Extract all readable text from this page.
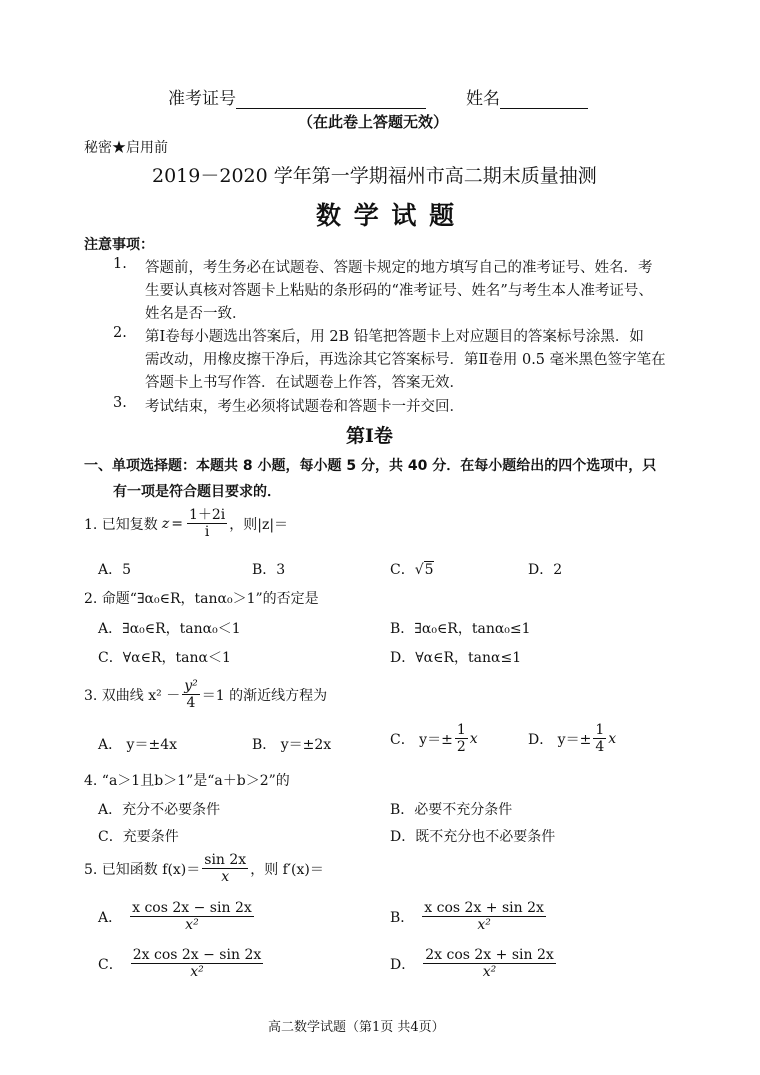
准考证号	姓名
（在此卷上答题无效）
秘密★启用前
2019－2020 学年第一学期福州市高二期末质量抽测
数 学 试 题
注意事项：
1. 答题前，考生务必在试题卷、答题卡规定的地方填写自己的准考证号、姓名．考
生要认真核对答题卡上粘贴的条形码的“准考证号、姓名”与考生本人准考证号、
姓名是否一致．
2. 第Ⅰ卷每小题选出答案后，用 2B 铅笔把答题卡上对应题目的答案标号涂黑．如
需改动，用橡皮擦干净后，再选涂其它答案标号．第Ⅱ卷用 0.5 毫米黑色签字笔在
答题卡上书写作答．在试题卷上作答，答案无效．
3. 考试结束，考生必须将试题卷和答题卡一并交回．
第Ⅰ卷
一、单项选择题：本题共 8 小题，每小题 5 分，共 40 分．在每小题给出的四个选项中，只
有一项是符合题目要求的．
1. 已知复数 $z = \frac{1+2i}{i}$ ，则|z|＝
A．5	B．3	C．√5	D．2
2. 命题“∃α₀∈R，tanα₀＞1”的否定是
A．∃α₀∈R，tanα₀＜1	B．∃α₀∈R，tanα₀≤1
C．∀α∈R，tanα＜1	D．∀α∈R，tanα≤1
3. 双曲线 $x^2 - \frac{\text{y²}}{4} =1$ 的渐近线方程为
A． y＝±4x	B． y＝±2x	C． $y=\pm \frac{1}{2}$ x	D． $y=\pm \frac{1}{4}$ x
4. “a＞1且b＞1”是“a＋b＞2”的
A．充分不必要条件	B．必要不充分条件
C．充要条件	D．既不充分也不必要条件
5. 已知函数 $f(x)= \frac{\sin 2x}{x}$ ，则 f′(x)＝
A． $\frac{\text{x cos 2x − sin 2x}}{\text{x²}}$	B． $\frac{\text{x cos 2x + sin 2x}}{\text{x²}}$
C． $\frac{\text{2x cos 2x − sin 2x}}{\text{x²}}$	D． $\frac{\text{2x cos 2x + sin 2x}}{\text{x²}}$
高二数学试题（第1页 共4页）
